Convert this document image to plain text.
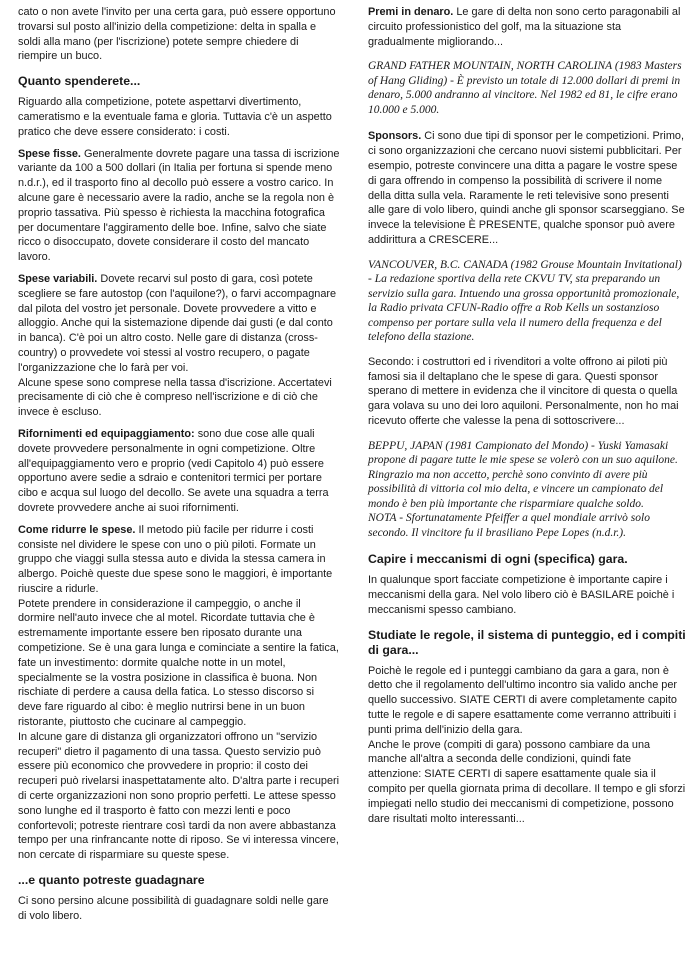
cato o non avete l'invito per una certa gara, può essere opportuno trovarsi sul posto all'inizio della competizione: delta in spalla e soldi alla mano (per l'iscrizione) potete sempre chiedere di riempire un buco.

Quanto spenderete...

Riguardo alla competizione, potete aspettarvi divertimento, cameratismo e la eventuale fama e gloria. Tuttavia c'è un aspetto pratico che deve essere considerato: i costi.

Spese fisse. Generalmente dovrete pagare una tassa di iscrizione variante da 100 a 500 dollari (in Italia per fortuna si spende meno n.d.r.), ed il trasporto fino al decollo può essere a vostro carico. In alcune gare è necessario avere la radio, anche se la regola non è proprio tassativa. Più spesso è richiesta la macchina fotografica per documentare l'aggiramento delle boe. Infine, salvo che siate ricco o disoccupato, dovete considerare il costo del mancato lavoro.

Spese variabili. Dovete recarvi sul posto di gara, così potete scegliere se fare autostop (con l'aquilone?), o farvi accompagnare dal pilota del vostro jet personale. Dovete provvedere a vitto e alloggio. Anche qui la sistemazione dipende dai gusti (e dal conto in banca). C'è poi un altro costo. Nelle gare di distanza (cross-country) o provvedete voi stessi al vostro recupero, o pagate l'organizzazione che lo farà per voi.

Alcune spese sono comprese nella tassa d'iscrizione. Accertatevi precisamente di ciò che è compreso nell'iscrizione e di ciò che invece è escluso.

Rifornimenti ed equipaggiamento: sono due cose alle quali dovete provvedere personalmente in ogni competizione. Oltre all'equipaggiamento vero e proprio (vedi Capitolo 4) può essere opportuno avere sedie a sdraio e contenitori termici per portare cibo e acqua sul luogo del decollo. Se avete una squadra a terra dovrete provvedere anche ai suoi rifornimenti.

Come ridurre le spese. Il metodo più facile per ridurre i costi consiste nel dividere le spese con uno o più piloti. Formate un gruppo che viaggi sulla stessa auto e divida la stessa camera in albergo. Poichè queste due spese sono le maggiori, è importante riuscire a ridurle.

Potete prendere in considerazione il campeggio, o anche il dormire nell'auto invece che al motel. Ricordate tuttavia che è estremamente importante essere ben riposato durante una competizione. Se è una gara lunga e cominciate a sentire la fatica, fate un investimento: dormite qualche notte in un motel, specialmente se la vostra posizione in classifica è buona. Non rischiate di perdere a causa della fatica. Lo stesso discorso si deve fare riguardo al cibo: è meglio nutrirsi bene in un buon ristorante, piuttosto che cucinare al campeggio.

In alcune gare di distanza gli organizzatori offrono un "servizio recuperi" dietro il pagamento di una tassa. Questo servizio può essere più economico che provvedere in proprio: il costo dei recuperi può rivelarsi inaspettatamente alto. D'altra parte i recuperi di certe organizzazioni non sono proprio perfetti. Le attese spesso sono lunghe ed il trasporto è fatto con mezzi lenti e poco confortevoli; potreste rientrare così tardi da non avere abbastanza tempo per una rinfrancante notte di riposo. Se vi interessa vincere, non cercate di risparmiare su queste spese.

...e quanto potreste guadagnare

Ci sono persino alcune possibilità di guadagnare soldi nelle gare di volo libero.

Premi in denaro. Le gare di delta non sono certo paragonabili al circuito professionistico del golf, ma la situazione sta gradualmente migliorando...

GRAND FATHER MOUNTAIN, NORTH CAROLINA (1983 Masters of Hang Gliding) - È previsto un totale di 12.000 dollari di premi in denaro, 5.000 andranno al vincitore. Nel 1982 ed 81, le cifre erano 10.000 e 5.000.

Sponsors. Ci sono due tipi di sponsor per le competizioni. Primo, ci sono organizzazioni che cercano nuovi sistemi pubblicitari. Per esempio, potreste convincere una ditta a pagare le vostre spese di gara offrendo in compenso la possibilità di scrivere il nome della ditta sulla vela. Raramente le reti televisive sono presenti alle gare di volo libero, quindi anche gli sponsor scarseggiano. Se invece la televisione È PRESENTE, qualche sponsor può avere addirittura a CRESCERE...

VANCOUVER, B.C. CANADA (1982 Grouse Mountain Invitational) - La redazione sportiva della rete CKVU TV, sta preparando un servizio sulla gara. Intuendo una grossa opportunità promozionale, la Radio privata CFUN-Radio offre a Rob Kells un sostanzioso compenso per portare sulla vela il numero della frequenza e del telefono della stazione.

Secondo: i costruttori ed i rivenditori a volte offrono ai piloti più famosi sia il deltaplano che le spese di gara. Questi sponsor sperano di mettere in evidenza che il vincitore di questa o quella gara volava su uno dei loro aquiloni. Personalmente, non ho mai ricevuto offerte che valesse la pena di sottoscrivere...

BEPPU, JAPAN (1981 Campionato del Mondo) - Yuski Yamasaki propone di pagare tutte le mie spese se volerò con un suo aquilone. Ringrazio ma non accetto, perchè sono convinto di avere più possibilità di vittoria col mio delta, e vincere un campionato del mondo è ben più importante che risparmiare qualche soldo.

NOTA - Sfortunatamente Pfeiffer a quel mondiale arrivò solo secondo. Il vincitore fu il brasiliano Pepe Lopes (n.d.r.).

Capire i meccanismi di ogni (specifica) gara.

In qualunque sport facciate competizione è importante capire i meccanismi della gara. Nel volo libero ciò è BASILARE poichè i meccanismi spesso cambiano.

Studiate le regole, il sistema di punteggio, ed i compiti di gara...

Poichè le regole ed i punteggi cambiano da gara a gara, non è detto che il regolamento dell'ultimo incontro sia valido anche per quello successivo. SIATE CERTI di avere completamente capito tutte le regole e di sapere esattamente come verranno attribuiti i punti prima dell'inizio della gara.

Anche le prove (compiti di gara) possono cambiare da una manche all'altra a seconda delle condizioni, quindi fate attenzione: SIATE CERTI di sapere esattamente quale sia il compito per quella giornata prima di decollare. Il tempo e gli sforzi impiegati nello studio dei meccanismi di competizione, possono dare risultati molto interessanti...
